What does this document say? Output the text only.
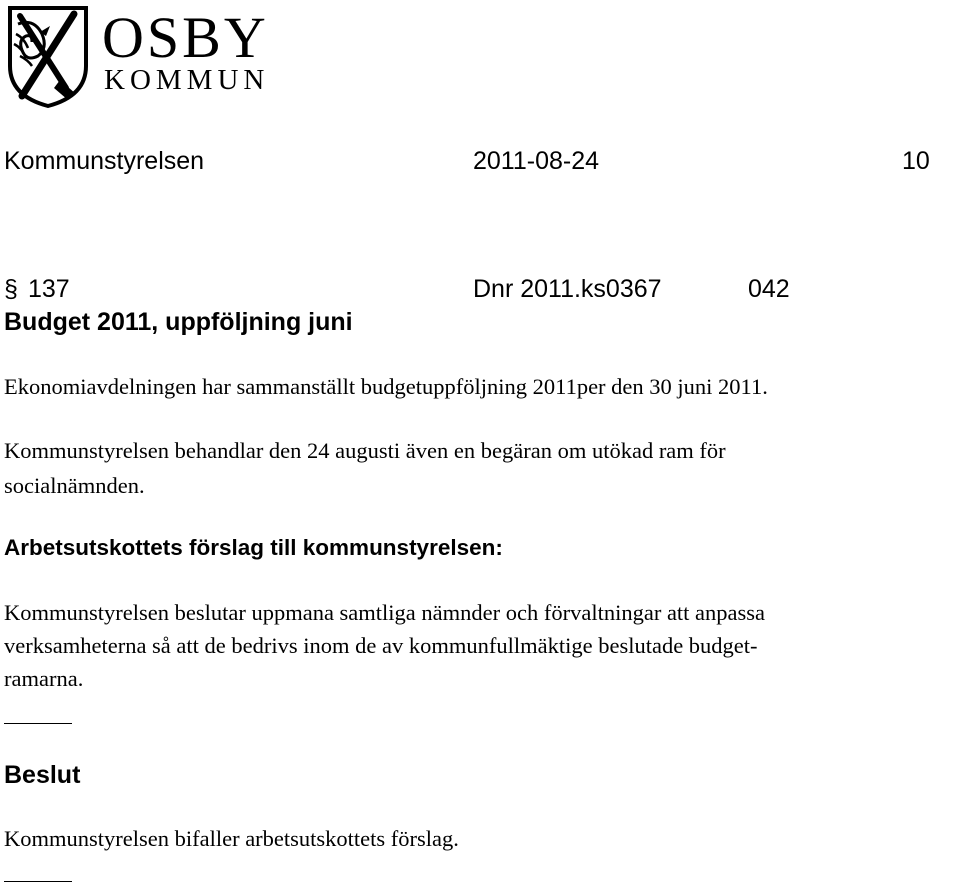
OSBY
KOMMUN
Kommunstyrelsen	2011-08-24	10
§ 137	Dnr 2011.ks0367	042
Budget 2011, uppföljning juni
Ekonomiavdelningen har sammanställt budgetuppföljning 2011per den 30 juni 2011.
Kommunstyrelsen behandlar den 24 augusti även en begäran om utökad ram för
socialnämnden.
Arbetsutskottets förslag till kommunstyrelsen:
Kommunstyrelsen beslutar uppmana samtliga nämnder och förvaltningar att anpassa
verksamheterna så att de bedrivs inom de av kommunfullmäktige beslutade budget-
ramarna.
Beslut
Kommunstyrelsen bifaller arbetsutskottets förslag.
